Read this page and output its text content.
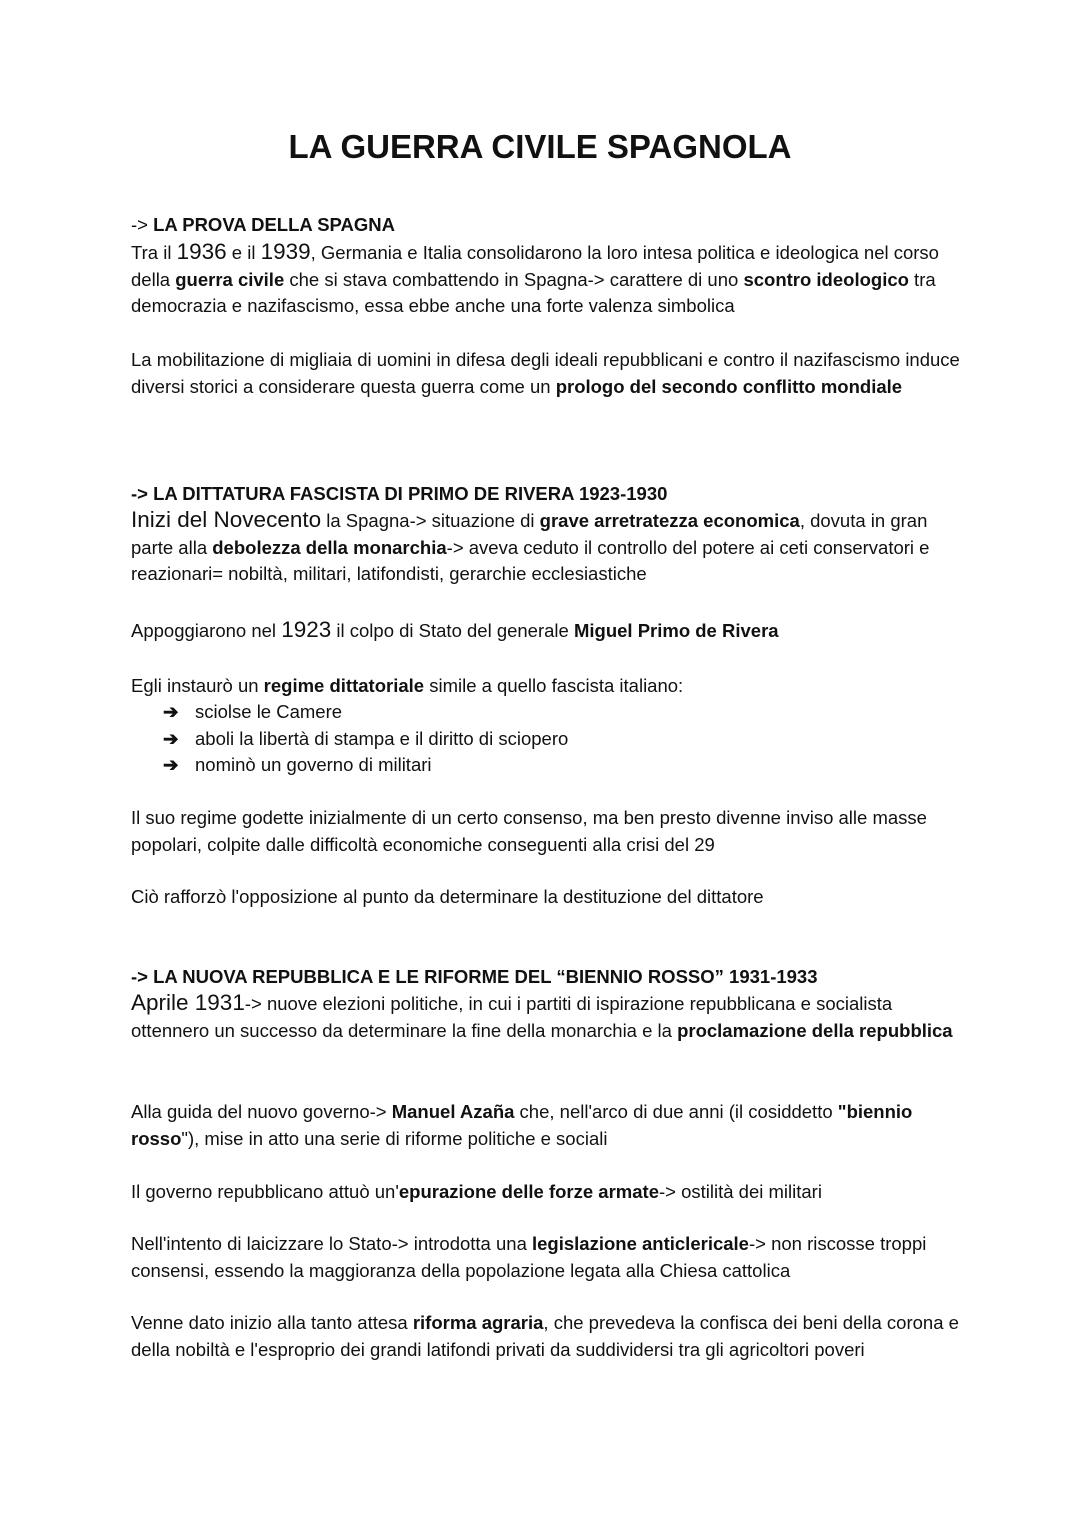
LA GUERRA CIVILE SPAGNOLA

-> LA PROVA DELLA SPAGNA

Tra il 1936 e il 1939, Germania e Italia consolidarono la loro intesa politica e ideologica nel corso della guerra civile che si stava combattendo in Spagna-> carattere di uno scontro ideologico tra democrazia e nazifascismo, essa ebbe anche una forte valenza simbolica

La mobilitazione di migliaia di uomini in difesa degli ideali repubblicani e contro il nazifascismo induce diversi storici a considerare questa guerra come un prologo del secondo conflitto mondiale

-> LA DITTATURA FASCISTA DI PRIMO DE RIVERA 1923-1930

Inizi del Novecento la Spagna-> situazione di grave arretratezza economica, dovuta in gran parte alla debolezza della monarchia-> aveva ceduto il controllo del potere ai ceti conservatori e reazionari= nobiltà, militari, latifondisti, gerarchie ecclesiastiche

Appoggiarono nel 1923 il colpo di Stato del generale Miguel Primo de Rivera

Egli instaurò un regime dittatoriale simile a quello fascista italiano:

➔ sciolse le Camere
➔ aboli la libertà di stampa e il diritto di sciopero
➔ nominò un governo di militari

Il suo regime godette inizialmente di un certo consenso, ma ben presto divenne inviso alle masse popolari, colpite dalle difficoltà economiche conseguenti alla crisi del 29

Ciò rafforzò l'opposizione al punto da determinare la destituzione del dittatore

-> LA NUOVA REPUBBLICA E LE RIFORME DEL “BIENNIO ROSSO” 1931-1933

Aprile 1931-> nuove elezioni politiche, in cui i partiti di ispirazione repubblicana e socialista ottennero un successo da determinare la fine della monarchia e la proclamazione della repubblica

Alla guida del nuovo governo-> Manuel Azaña che, nell'arco di due anni (il cosiddetto "biennio rosso"), mise in atto una serie di riforme politiche e sociali

Il governo repubblicano attuò un'epurazione delle forze armate-> ostilità dei militari

Nell'intento di laicizzare lo Stato-> introdotta una legislazione anticlericale-> non riscosse troppi consensi, essendo la maggioranza della popolazione legata alla Chiesa cattolica

Venne dato inizio alla tanto attesa riforma agraria, che prevedeva la confisca dei beni della corona e della nobiltà e l'esproprio dei grandi latifondi privati da suddividersi tra gli agricoltori poveri
